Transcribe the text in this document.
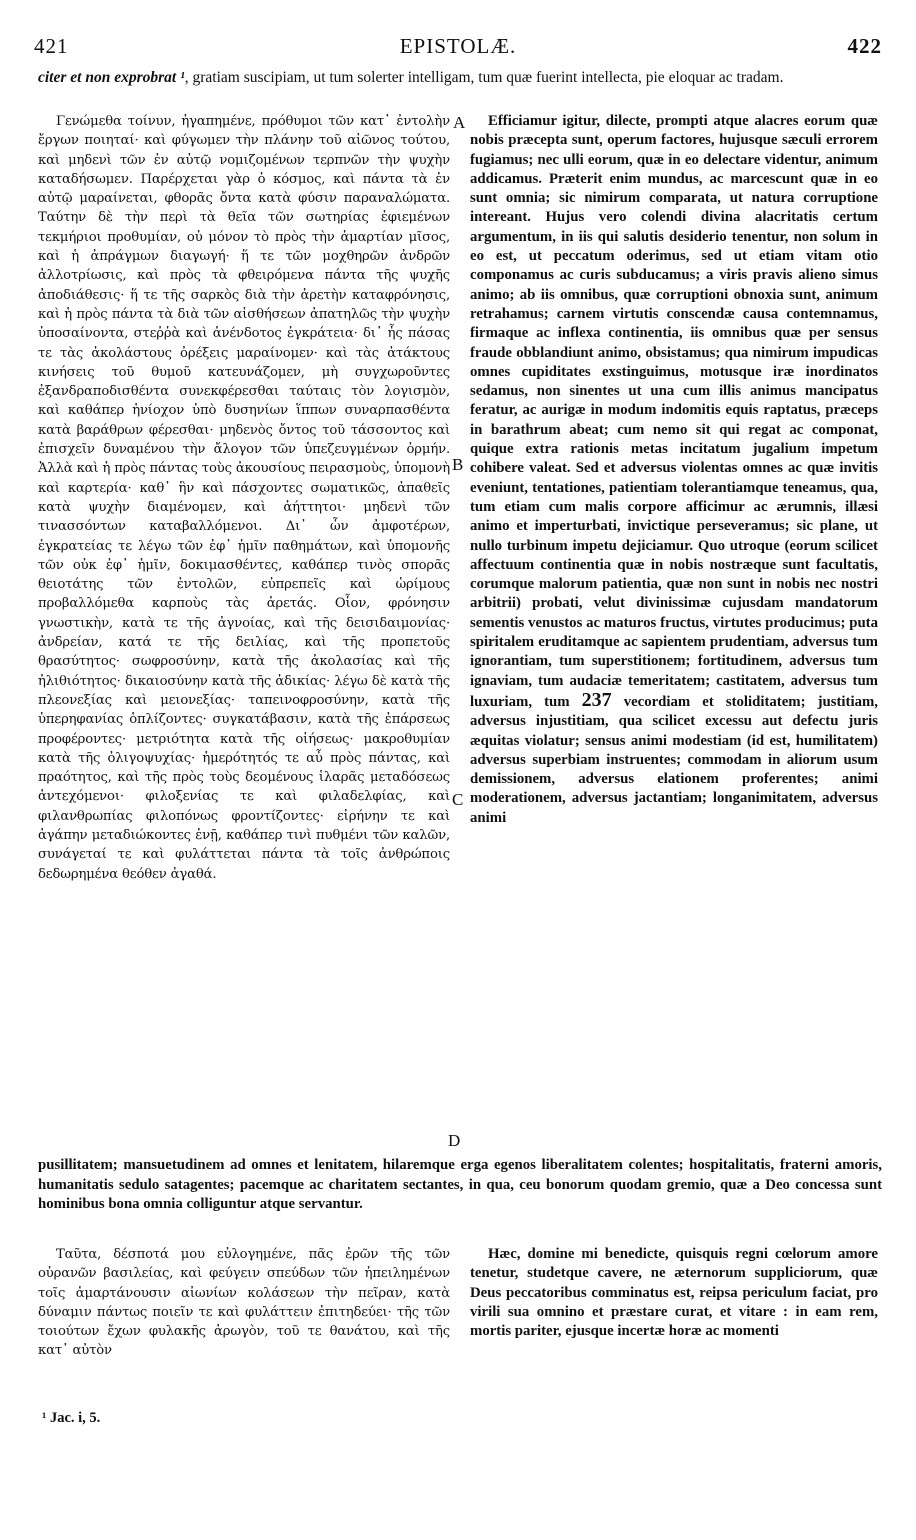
421	EPISTOLÆ.	422
citer et non exprobrat ¹, gratiam suscipiam, ut tum solerter intelligam, tum quæ fuerint intellecta, pie eloquar ac tradam.
A
B
C
D

Γενώμεθα τοίνυν, ἠγαπημένε, πρόθυμοι τῶν κατ᾽ ἐντολὴν ἔργων ποιηταί· καὶ φύγωμεν τὴν πλάνην τοῦ αἰῶνος τούτου, καὶ μηδενὶ τῶν ἐν αὐτῷ νομιζομένων τερπνῶν τὴν ψυχὴν καταδήσωμεν. Παρέρχεται γὰρ ὁ κόσμος, καὶ πάντα τὰ ἐν αὐτῷ μαραίνεται, φθορᾶς ὄντα κατὰ φύσιν παραναλώματα. Ταύτην δὲ τὴν περὶ τὰ θεῖα τῶν σωτηρίας ἐφιεμένων τεκμήριοι προθυμίαν, οὐ μόνον τὸ πρὸς τὴν ἁμαρτίαν μῖσος, καὶ ἡ ἀπράγμων διαγωγή· ἥ τε τῶν μοχθηρῶν ἀνδρῶν ἀλλοτρίωσις, καὶ πρὸς τὰ φθειρόμενα πάντα τῆς ψυχῆς ἀποδιάθεσις· ἥ τε τῆς σαρκὸς διὰ τὴν ἀρετὴν καταφρόνησις, καὶ ἡ πρὸς πάντα τὰ διὰ τῶν αἰσθήσεων ἀπατηλῶς τὴν ψυχὴν ὑποσαίνοντα, στεῤῥὰ καὶ ἀνένδοτος ἐγκράτεια· δι᾽ ἧς πάσας τε τὰς ἀκολάστους ὀρέξεις μαραίνομεν· καὶ τὰς ἀτάκτους κινήσεις τοῦ θυμοῦ κατευνάζομεν, μὴ συγχωροῦντες ἐξανδραποδισθέντα συνεκφέρεσθαι ταύταις τὸν λογισμὸν, καὶ καθάπερ ἡνίοχον ὑπὸ δυσηνίων ἵππων συναρπασθέντα κατὰ βαράθρων φέρεσθαι· μηδενὸς ὄντος τοῦ τάσσοντος καὶ ἐπισχεῖν δυναμένου τὴν ἄλογον τῶν ὑπεζευγμένων ὁρμήν. Ἀλλὰ καὶ ἡ πρὸς πάντας τοὺς ἀκουσίους πειρασμοὺς, ὑπομονὴ καὶ καρτερία· καθ᾽ ἣν καὶ πάσχοντες σωματικῶς, ἀπαθεῖς κατὰ ψυχὴν διαμένομεν, καὶ ἀήττητοι· μηδενὶ τῶν τινασσόντων καταβαλλόμενοι. Δι᾽ ὧν ἀμφοτέρων, ἐγκρατείας τε λέγω τῶν ἐφ᾽ ἡμῖν παθημάτων, καὶ ὑπομονῆς τῶν οὐκ ἐφ᾽ ἡμῖν, δοκιμασθέντες, καθάπερ τινὸς σπορᾶς θειοτάτης τῶν ἐντολῶν, εὐπρεπεῖς καὶ ὡρίμους προβαλλόμεθα καρποὺς τὰς ἀρετάς. Οἷον, φρόνησιν γνωστικὴν, κατὰ τε τῆς ἀγνοίας, καὶ τῆς δεισιδαιμονίας· ἀνδρείαν, κατά τε τῆς δειλίας, καὶ τῆς προπετοῦς θρασύτητος· σωφροσύνην, κατὰ τῆς ἀκολασίας καὶ τῆς ἠλιθιότητος· δικαιοσύνην κατὰ τῆς ἀδικίας· λέγω δὲ κατὰ τῆς πλεονεξίας καὶ μειονεξίας· ταπεινοφροσύνην, κατὰ τῆς ὑπερηφανίας ὁπλίζοντες· συγκατάβασιν, κατὰ τῆς ἐπάρσεως προφέροντες· μετριότητα κατὰ τῆς οἰήσεως· μακροθυμίαν κατὰ τῆς ὀλιγοψυχίας· ἡμερότητός τε αὖ πρὸς πάντας, καὶ πραότητος, καὶ τῆς πρὸς τοὺς δεομένους ἱλαρᾶς μεταδόσεως ἀντεχόμενοι· φιλοξενίας τε καὶ φιλαδελφίας, καὶ φιλανθρωπίας φιλοπόνως φροντίζοντες· εἰρήνην τε καὶ ἀγάπην μεταδιώκοντες ἐνῇ, καθάπερ τινὶ πυθμένι τῶν καλῶν, συνάγεταί τε καὶ φυλάττεται πάντα τὰ τοῖς ἀνθρώποις δεδωρημένα θεόθεν ἀγαθά.

Efficiamur igitur, dilecte, prompti atque alacres eorum quæ nobis præcepta sunt, operum factores, hujusque sæculi errorem fugiamus; nec ulli eorum, quæ in eo delectare videntur, animum addicamus. Præterit enim mundus, ac marcescunt quæ in eo sunt omnia; sic nimirum comparata, ut natura corruptione intereant. Hujus vero colendi divina alacritatis certum argumentum, in iis qui salutis desiderio tenentur, non solum in eo est, ut peccatum oderimus, sed ut etiam vitam otio componamus ac curis subducamus; a viris pravis alieno simus animo; ab iis omnibus, quæ corruptioni obnoxia sunt, animum retrahamus; carnem virtutis conscendæ causa contemnamus, firmaque ac inflexa continentia, iis omnibus quæ per sensus fraude obblandiunt animo, obsistamus; qua nimirum impudicas omnes cupiditates exstinguimus, motusque iræ inordinatos sedamus, non sinentes ut una cum illis animus mancipatus feratur, ac aurigæ in modum indomitis equis raptatus, præceps in barathrum abeat; cum nemo sit qui regat ac componat, quique extra rationis metas incitatum jugalium impetum cohibere valeat. Sed et adversus violentas omnes ac quæ invitis eveniunt, tentationes, patientiam tolerantiamque teneamus, qua, tum etiam cum malis corpore afficimur ac ærumnis, illæsi animo et imperturbati, invictique perseveramus; sic plane, ut nullo turbinum impetu dejiciamur. Quo utroque (eorum scilicet affectuum continentia quæ in nobis nostræque sunt facultatis, corumque malorum patientia, quæ non sunt in nobis nec nostri arbitrii) probati, velut divinissimæ cujusdam mandatorum sementis venustos ac maturos fructus, virtutes producimus; puta spiritalem eruditamque ac sapientem prudentiam, adversus tum ignorantiam, tum superstitionem; fortitudinem, adversus tum ignaviam, tum audaciæ temeritatem; castitatem, adversus tum luxuriam, tum 237 vecordiam et stoliditatem; justitiam, adversus injustitiam, qua scilicet excessu aut defectu juris æquitas violatur; sensus animi modestiam (id est, humilitatem) adversus superbiam instruentes; commodam in aliorum usum demissionem, adversus elationem proferentes; animi moderationem, adversus jactantiam; longanimitatem, adversus animi

pusillitatem; mansuetudinem ad omnes et lenitatem, hilaremque erga egenos liberalitatem colentes; hospitalitatis, fraterni amoris, humanitatis sedulo satagentes; pacemque ac charitatem sectantes, in qua, ceu bonorum quodam gremio, quæ a Deo concessa sunt hominibus bona omnia colliguntur atque servantur.

Ταῦτα, δέσποτά μου εὐλογημένε, πᾶς ἐρῶν τῆς τῶν οὐρανῶν βασιλείας, καὶ φεύγειν σπεύδων τῶν ἠπειλημένων τοῖς ἁμαρτάνουσιν αἰωνίων κολάσεων τὴν πεῖραν, κατὰ δύναμιν πάντως ποιεῖν τε καὶ φυλάττειν ἐπιτηδεύει· τῆς τῶν τοιούτων ἔχων φυλακῆς ἀρωγὸν, τοῦ τε θανάτου, καὶ τῆς κατ᾽ αὐτὸν

Hæc, domine mi benedicte, quisquis regni cœlorum amore tenetur, studetque cavere, ne æternorum suppliciorum, quæ Deus peccatoribus comminatus est, reipsa periculum faciat, pro virili sua omnino et præstare curat, et vitare : in eam rem, mortis pariter, ejusque incertæ horæ ac momenti

¹ Jac. i, 5.
